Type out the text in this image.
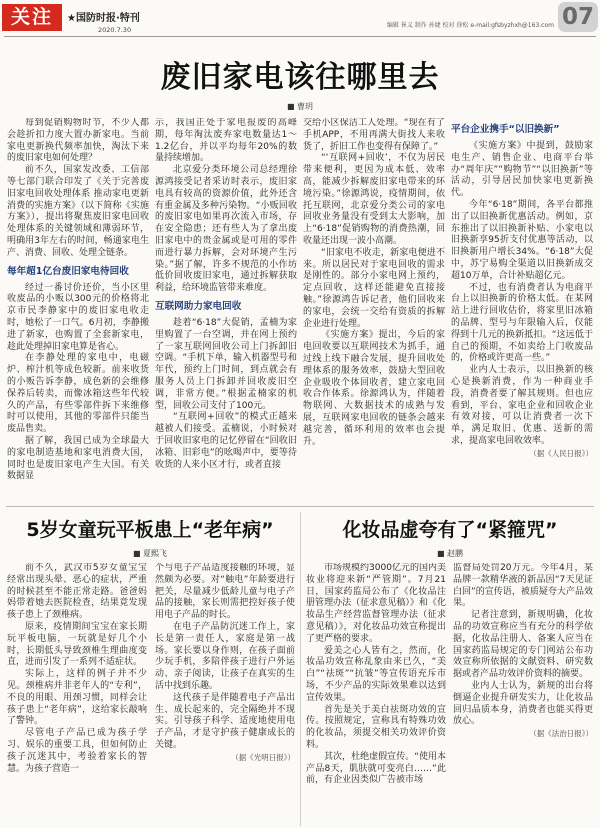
关注	★国防时报·特刊
2020.7.30
编辑 崔义 制作 孙婕 校对 徐松 e-mail:gfsbyzhxh@163.com 07
废旧家电该往哪里去
■ 曹玥

每到促销购物时节，不少人都会趁折扣力度大置办新家电。当前家电更新换代频率加快，淘汰下来的废旧家电如何处理？

前不久，国家发改委、工信部等七部门联合印发了《关于完善废旧家电回收处理体系 推动家电更新消费的实施方案》（以下简称《实施方案》），提出将聚焦废旧家电回收处理体系的关键领域和薄弱环节，明确用3年左右的时间，畅通家电生产、消费、回收、处理全链条。

每年超1亿台废旧家电待回收

经过一番讨价还价，当小区里收废品的小贩以300元的价格将北京市民李静家中的废旧家电收走时，她松了一口气。6月初，李静搬进了新家，也购置了全套新家电，趁此处理掉旧家电算是省心。

在李静处理的家电中，电磁炉、榨汁机等成色较新。前来收货的小贩告诉李静，成色新的会维修保养后转卖，而像冰箱这些年代较久的产品，有些零部件拆下来维修时可以使用，其他的零部件只能当废品售卖。

据了解，我国已成为全球最大的家电制造基地和家电消费大国，同时也是废旧家电产生大国。有关数据显

示，我国正处于家电报废的高峰期，每年淘汰废弃家电数量达1～1.2亿台，并以平均每年20%的数量持续增加。

北京爱分类环境公司总经理徐源鸿接受记者采访时表示，废旧家电具有较高的资源价值，此外还含有重金属及多种污染物。“小贩回收的废旧家电如果再次流入市场，存在安全隐患；还有些人为了拿出废旧家电中的贵金属或是可用的零件而进行暴力拆解，会对环境产生污染。”据了解，许多不规范的小作坊低价回收废旧家电，通过拆解获取利益，给环境监管带来难度。

互联网助力家电回收

趁着“6·18”大促销，孟楠为家里购置了一台空调，并在网上预约了一家互联网回收公司上门拆卸旧空调。“手机下单，输入机器型号和年代，预约上门时间，到点就会有服务人员上门拆卸并回收废旧空调，非常方便。”根据孟楠家的机型，回收公司支付了100元。

“互联网+回收”的模式正越来越被人们接受。孟楠说，小时候对于回收旧家电的记忆停留在“回收旧冰箱、旧彩电”的吆喝声中，要等待收货的人来小区才行，或者直接

交给小区保洁工人处理。“现在有了手机APP，不用再满大街找人来收货了，折旧工作也变得有保障了。”

“‘互联网+回收’，不仅为居民带来便利，更因为成本低、效率高，能减少拆解废旧家电带来的环境污染。”徐源鸿说，疫情期间，依托互联网，北京爱分类公司的家电回收业务量没有受到太大影响，加上“6·18”促销购物的消费热潮，回收量还出现一波小高潮。

“旧家电不收走，新家电便进不来。所以居民对于家电回收的需求是刚性的。部分小家电网上预约，定点回收，这样还能避免直接接触。”徐源鸿告诉记者，他们回收来的家电，会统一交给有资质的拆解企业进行处理。

《实施方案》提出，今后的家电回收要以互联网技术为抓手，通过线上线下融合发展，提升回收处理体系的服务效率，鼓励大型回收企业吸收个体回收者，建立家电回收合作体系。徐源鸿认为，伴随着物联网、大数据技术的成熟与发展，互联网家电回收的链条会越来越完善，循环利用的效率也会提升。

平台企业携手“以旧换新”

《实施方案》中提到，鼓励家电生产、销售企业、电商平台举办“周年庆”“购物节”“以旧换新”等活动，引导居民加快家电更新换代。

今年“6·18”期间，各平台都推出了以旧换新优惠活动。例如，京东推出了以旧换新补贴、小家电以旧换新享95折支付优惠等活动，以旧换新用户增长34%。“6·18”大促中，苏宁易购全渠道以旧换新成交超10万单，合计补贴超亿元。

不过，也有消费者认为电商平台上以旧换新的价格太低。在某网站上进行回收估价，将家里旧冰箱的品牌、型号与年限输入后，仅能得到十几元的换新抵扣。“这远低于自己的预期，不如卖给上门收废品的，价格或许更高一些。”

业内人士表示，以旧换新的核心是换新消费，作为一种商业手段，消费者要了解其规则。但也应看到，平台、家电企业和回收企业有效对接，可以让消费者一次下单，满足取旧、优惠、送新的需求，提高家电回收效率。

（据《人民日报》）

5岁女童玩平板患上“老年病”
■ 夏熙飞

前不久，武汉市5岁女童宝宝经常出现头晕、恶心的症状，严重的时候甚至不能正常走路。爸爸妈妈带着她去医院检查，结果竟发现孩子患上了颈椎病。

原来，疫情期间宝宝在家长期玩平板电脑，一玩就是好几个小时，长期低头导致颈椎生理曲度变直，进而引发了一系列不适症状。

实际上，这样的例子并不少见。颈椎病并非老年人的“专利”，不良的用眼、用颈习惯，同样会让孩子患上“老年病”，这给家长敲响了警钟。

尽管电子产品已成为孩子学习、娱乐的重要工具，但如何防止孩子沉迷其中，考验着家长的智慧。为孩子营造一

个与电子产品适度接触的环境，显然颇为必要。对“触电”年龄要进行把关，尽量减少低龄儿童与电子产品的接触，家长则需把控好孩子使用电子产品的时长。

在电子产品防沉迷工作上，家长是第一责任人，家庭是第一战场。家长要以身作则，在孩子面前少玩手机，多陪伴孩子进行户外运动、亲子阅读，让孩子在真实的生活中找到乐趣。

这代孩子是伴随着电子产品出生、成长起来的，完全隔绝并不现实。引导孩子科学、适度地使用电子产品，才是守护孩子健康成长的关键。

（据《光明日报》）

化妆品虚夸有了“紧箍咒”
■ 赵鹏

市场规模约3000亿元的国内美妆业将迎来新“严管期”。7月21日，国家药监局公布了《化妆品注册管理办法（征求意见稿）》和《化妆品生产经营监督管理办法（征求意见稿）》，对化妆品功效宣称提出了更严格的要求。

爱美之心人皆有之，然而，化妆品功效宣称乱象由来已久，“美白”“祛斑”“抗皱”等宣传语充斥市场，不少产品的实际效果难以达到宣传效果。

首先是关于美白祛斑功效的宣传。按照规定，宣称具有特殊功效的化妆品，须提交相关功效评价资料。

其次，杜绝虚假宣传。“使用本产品8天，肌肤就可变亮白……”此前，有企业因类似广告被市场

监督局处罚20万元。今年4月，某品牌一款精华液的新品因“7天见证白回”的宣传语，被质疑夸大产品效果。

记者注意到，新规明确，化妆品的功效宣称应当有充分的科学依据，化妆品注册人、备案人应当在国家药监局规定的专门网站公布功效宣称所依据的文献资料、研究数据或者产品功效评价资料的摘要。

业内人士认为，新规的出台将倒逼企业提升研发实力，让化妆品回归品质本身，消费者也能买得更放心。

（据《法治日报》）
